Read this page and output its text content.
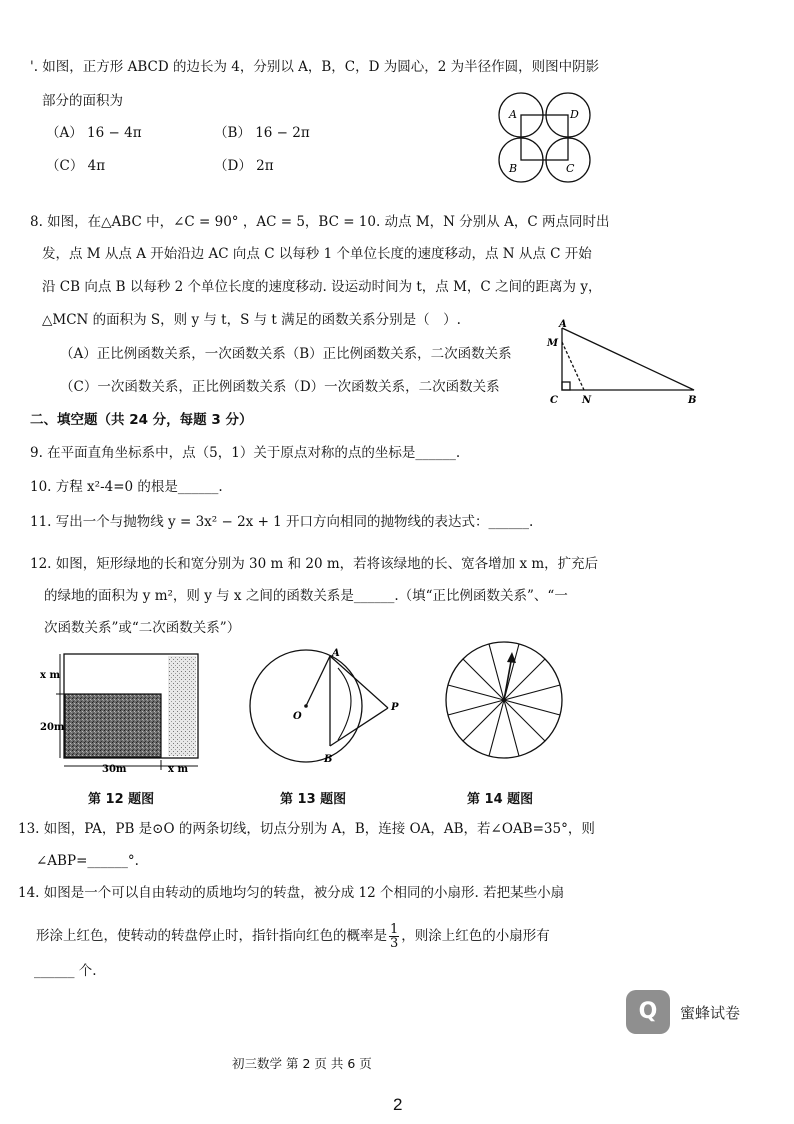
'. 如图，正方形 ABCD 的边长为 4，分别以 A，B，C，D 为圆心，2 为半径作圆，则图中阴影
部分的面积为
（A） 16 − 4π	（B） 16 − 2π
（C） 4π	（D） 2π
A	D
B	C
8. 如图，在△ABC 中，∠C = 90° ，AC = 5，BC = 10. 动点 M，N 分别从 A，C 两点同时出
发，点 M 从点 A 开始沿边 AC 向点 C 以每秒 1 个单位长度的速度移动，点 N 从点 C 开始
沿 CB 向点 B 以每秒 2 个单位长度的速度移动. 设运动时间为 t，点 M，C 之间的距离为 y，
△MCN 的面积为 S，则 y 与 t，S 与 t 满足的函数关系分别是（　）.
（A）正比例函数关系，一次函数关系（B）正比例函数关系，二次函数关系
（C）一次函数关系，正比例函数关系（D）一次函数关系，二次函数关系
A
M
C N	B
二、填空题（共 24 分，每题 3 分）
9. 在平面直角坐标系中，点（5，1）关于原点对称的点的坐标是______.
10. 方程 x²-4=0 的根是______.
11. 写出一个与抛物线 y = 3x² − 2x + 1 开口方向相同的抛物线的表达式：______.
12. 如图，矩形绿地的长和宽分别为 30 m 和 20 m，若将该绿地的长、宽各增加 x m，扩充后
的绿地的面积为 y m²，则 y 与 x 之间的函数关系是______.（填“正比例函数关系”、“一
次函数关系”或“二次函数关系”）
x m
20m
30m	x m
A
O
P
B
第 12 题图	第 13 题图	第 14 题图
13. 如图，PA，PB 是⊙O 的两条切线，切点分别为 A，B，连接 OA，AB，若∠OAB=35°，则
∠ABP=______°.
14. 如图是一个可以自由转动的质地均匀的转盘，被分成 12 个相同的小扇形. 若把某些小扇
形涂上红色，使转动的转盘停止时，指针指向红色的概率是 $\frac{1}{3}$ ，则涂上红色的小扇形有
______ 个.
Q 蜜蜂试卷
初三数学 第 2 页 共 6 页
2
